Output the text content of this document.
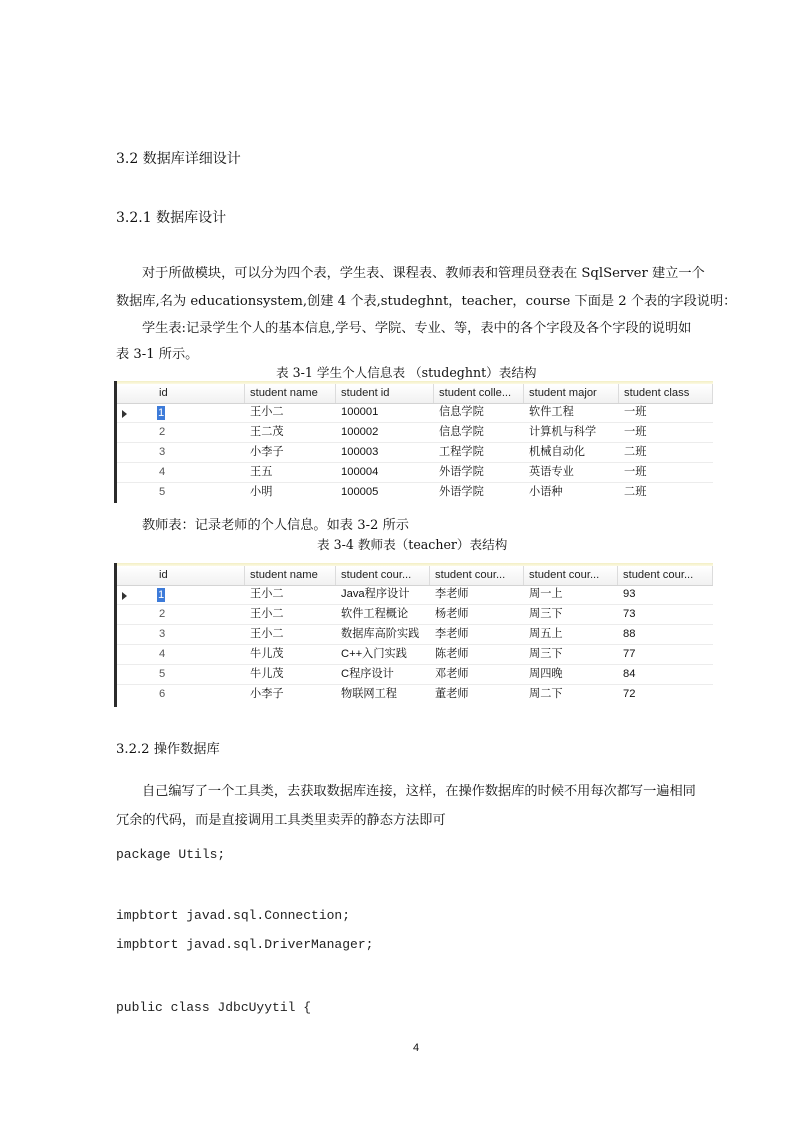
3.2 数据库详细设计
3.2.1 数据库设计
对于所做模块，可以分为四个表，学生表、课程表、教师表和管理员登表在 SqlServer 建立一个
数据库,名为 educationsystem,创建 4 个表,studeghnt，teacher，course 下面是 2 个表的字段说明：
学生表:记录学生个人的基本信息,学号、学院、专业、等，表中的各个字段及各个字段的说明如
表 3-1 所示。
表 3-1 学生个人信息表 （studeghnt）表结构
id	student name	student id	student colle...	student major	student class
1	王小二	100001	信息学院	软件工程	一班
2	王二茂	100002	信息学院	计算机与科学	一班
3	小李子	100003	工程学院	机械自动化	二班
4	王五	100004	外语学院	英语专业	一班
5	小明	100005	外语学院	小语种	二班
教师表：记录老师的个人信息。如表 3-2 所示
表 3-4 教师表（teacher）表结构
id	student name	student cour...	student cour...	student cour...	student cour...
1	王小二	Java程序设计	李老师	周一上	93
2	王小二	软件工程概论	杨老师	周三下	73
3	王小二	数据库高阶实践	李老师	周五上	88
4	牛儿茂	C++入门实践	陈老师	周三下	77
5	牛儿茂	C程序设计	邓老师	周四晚	84
6	小李子	物联网工程	董老师	周二下	72
3.2.2 操作数据库
自己编写了一个工具类，去获取数据库连接，这样，在操作数据库的时候不用每次都写一遍相同
冗余的代码，而是直接调用工具类里卖弄的静态方法即可
package Utils;
impbtort javad.sql.Connection;
impbtort javad.sql.DriverManager;
public class JdbcUyytil {
4
